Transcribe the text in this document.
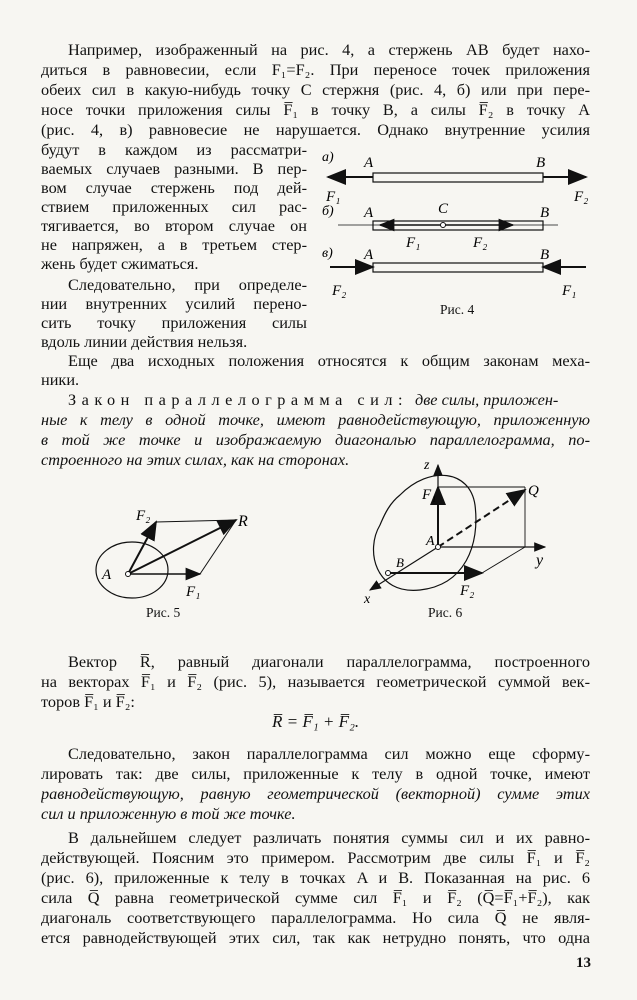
Например, изображенный на рис. 4, а стержень AB будет нахо-
диться в равновесии, если F₁=F₂. При переносе точек приложения
обеих сил в какую-нибудь точку C стержня (рис. 4, б) или при пере-
носе точки приложения силы F̅₁ в точку B, а силы F̅₂ в точку A
(рис. 4, в) равновесие не нарушается. Однако внутренние усилия
будут в каждом из рассматри-
ваемых случаев разными. В пер-
вом случае стержень под дей-
ствием приложенных сил рас-
тягивается, во втором случае он
не напряжен, а в третьем стер-
жень будет сжиматься.
Следовательно, при определе-
нии внутренних усилий перено-
сить точку приложения силы
вдоль линии действия нельзя.
Еще два исходных положения относятся к общим законам меха-
ники.
Закон параллелограмма сил: две силы, приложен-
ные к телу в одной точке, имеют равнодействующую, приложенную
в той же точке и изображаемую диагональю параллелограмма, по-
строенного на этих силах, как на сторонах.
а) A	B
F₁	F₂
б) A	C	B
F₁	F₂
в) A	B
F₂	F₁
Рис. 4
A
F₂	R
F₁
Рис. 5
z
F₁	Q
A
B	y
F₂
x
Рис. 6
Вектор R̅, равный диагонали параллелограмма, построенного
на векторах F̅₁ и F̅₂ (рис. 5), называется геометрической суммой век-
торов F̅₁ и F̅₂:
R̅ = F̅₁ + F̅₂.
Следовательно, закон параллелограмма сил можно еще сформу-
лировать так: две силы, приложенные к телу в одной точке, имеют
равнодействующую, равную геометрической (векторной) сумме этих
сил и приложенную в той же точке.
В дальнейшем следует различать понятия суммы сил и их равно-
действующей. Поясним это примером. Рассмотрим две силы F̅₁ и F̅₂
(рис. 6), приложенные к телу в точках A и B. Показанная на рис. 6
сила Q̅ равна геометрической сумме сил F̅₁ и F̅₂ (Q̅=F̅₁+F̅₂), как
диагональ соответствующего параллелограмма. Но сила Q̅ не явля-
ется равнодействующей этих сил, так как нетрудно понять, что одна
13
